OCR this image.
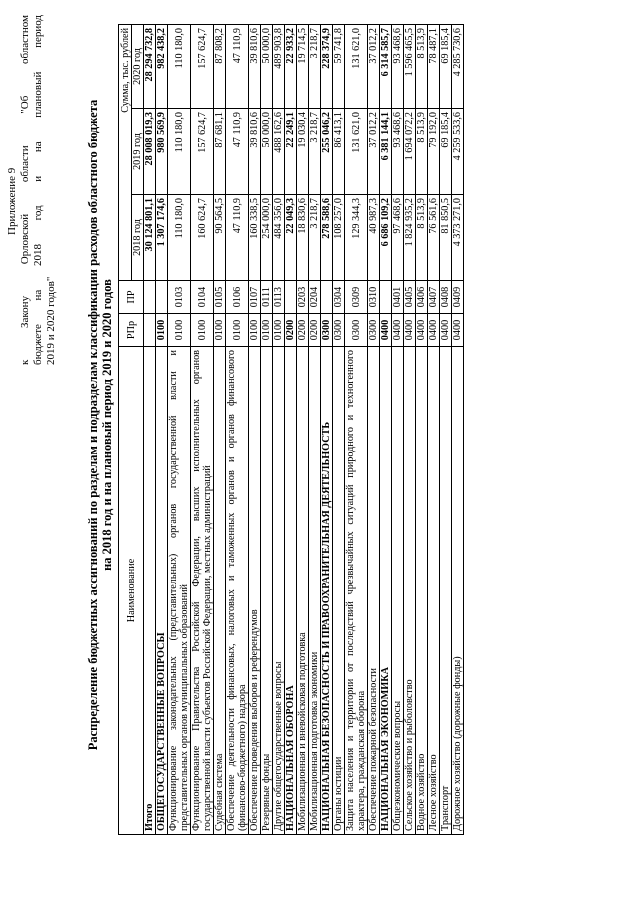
Приложение 9 к Закону Орловской области "Об областном бюджете на 2018 год и на плановый период 2019 и 2020 годов" Распределение бюджетных ассигнований по разделам и подразделам классификации расходов областного бюджета на 2018 год и на плановый период 2019 и 2020 годов
Наименование	РПр	ПР	Сумма, тыс. рублей		
			2018 год	2019 год	2020 год
Итого			30 124 801,1	28 008 019,3	28 294 732,8
ОБЩЕГОСУДАРСТВЕННЫЕ ВОПРОСЫ	0100		1 307 174,6	980 569,9	982 438,2
Функционирование законодательных (представительных) органов государственной власти и представительных органов муниципальных образований	0100	0103	110 180,0	110 180,0	110 180,0
Функционирование Правительства Российской Федерации, высших исполнительных органов государственной власти субъектов Российской Федерации, местных администраций	0100	0104	160 624,7	157 624,7	157 624,7
Судебная система	0100	0105	90 564,5	87 681,1	87 808,2
Обеспечение деятельности финансовых, налоговых и таможенных органов и органов финансового (финансово-бюджетного) надзора	0100	0106	47 110,9	47 110,9	47 110,9
Обеспечение проведения выборов и референдумов	0100	0107	160 338,5	39 810,6	39 810,6
Резервные фонды	0100	0111	254 000,0	50 000,0	50 000,0
Другие общегосударственные вопросы	0100	0113	484 356,0	488 162,6	489 903,8
НАЦИОНАЛЬНАЯ ОБОРОНА	0200		22 049,3	22 249,1	22 933,2
Мобилизационная и вневойсковая подготовка	0200	0203	18 830,6	19 030,4	19 714,5
Мобилизационная подготовка экономики	0200	0204	3 218,7	3 218,7	3 218,7
НАЦИОНАЛЬНАЯ БЕЗОПАСНОСТЬ И ПРАВООХРАНИТЕЛЬНАЯ ДЕЯТЕЛЬНОСТЬ	0300		278 588,6	255 046,2	228 374,9
Органы юстиции	0300	0304	108 257,0	86 413,1	59 741,8
Защита населения и территории от последствий чрезвычайных ситуаций природного и техногенного характера, гражданская оборона	0300	0309	129 344,3	131 621,0	131 621,0
Обеспечение пожарной безопасности	0300	0310	40 987,3	37 012,2	37 012,2
НАЦИОНАЛЬНАЯ ЭКОНОМИКА	0400		6 686 109,2	6 381 144,1	6 314 585,7
Общеэкономические вопросы	0400	0401	97 468,6	93 468,6	93 468,6
Сельское хозяйство и рыболовство	0400	0405	1 824 935,2	1 694 072,2	1 596 465,5
Водное хозяйство	0400	0406	8 513,9	8 513,9	8 513,9
Лесное хозяйство	0400	0407	76 561,6	79 192,0	78 487,1
Транспорт	0400	0408	81 850,5	69 185,4	69 185,4
Дорожное хозяйство (дорожные фонды)	0400	0409	4 373 271,0	4 259 533,6	4 285 730,6
